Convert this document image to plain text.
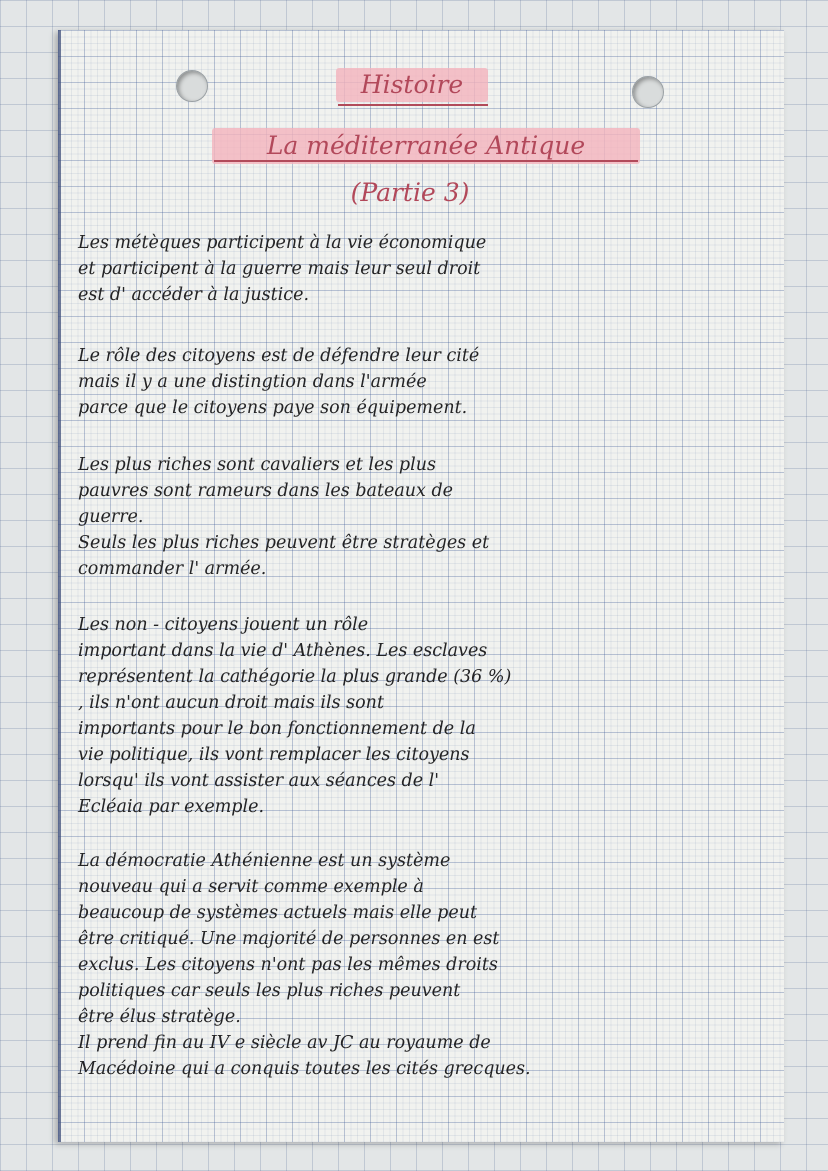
Histoire
La méditerranée Antique
(Partie 3)
Les métèques participent à la vie économique
et participent à la guerre mais leur seul droit
est d' accéder à la justice.
Le rôle des citoyens est de défendre leur cité
mais il y a une distingtion dans l'armée
parce que le citoyens paye son équipement.
Les plus riches sont cavaliers et les plus
pauvres sont rameurs dans les bateaux de
guerre.
Seuls les plus riches peuvent être stratèges et
commander l' armée.
Les non - citoyens jouent un rôle
important dans la vie d' Athènes. Les esclaves
représentent la cathégorie la plus grande (36 %)
, ils n'ont aucun droit mais ils sont
importants pour le bon fonctionnement de la
vie politique, ils vont remplacer les citoyens
lorsqu' ils vont assister aux séances de l'
Ecléaia par exemple.
La démocratie Athénienne est un système
nouveau qui a servit comme exemple à
beaucoup de systèmes actuels mais elle peut
être critiqué. Une majorité de personnes en est
exclus. Les citoyens n'ont pas les mêmes droits
politiques car seuls les plus riches peuvent
être élus stratège.
Il prend fin au IV e siècle av JC au royaume de
Macédoine qui a conquis toutes les cités grecques.
